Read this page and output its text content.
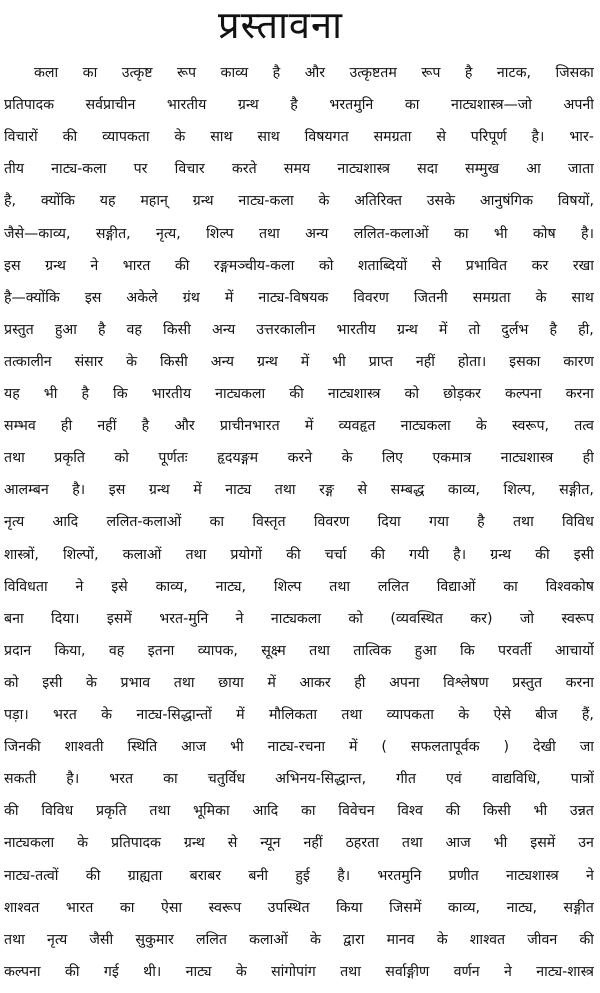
प्रस्तावना
कला का उत्कृष्ट रूप काव्य है और उत्कृष्टतम रूप है नाटक, जिसका
प्रतिपादक सर्वप्राचीन भारतीय ग्रन्थ है भरतमुनि का नाट्यशास्त्र—जो अपनी
विचारों की व्यापकता के साथ साथ विषयगत समग्रता से परिपूर्ण है। भार-
तीय नाट्य-कला पर विचार करते समय नाट्यशास्त्र सदा सम्मुख आ जाता
है, क्योंकि यह महान् ग्रन्थ नाट्य-कला के अतिरिक्त उसके आनुषंगिक विषयों,
जैसे—काव्य, सङ्गीत, नृत्य, शिल्प तथा अन्य ललित-कलाओं का भी कोष है।
इस ग्रन्थ ने भारत की रङ्गमञ्चीय-कला को शताब्दियों से प्रभावित कर रखा
है—क्योंकि इस अकेले ग्रंथ में नाट्य-विषयक विवरण जितनी समग्रता के साथ
प्रस्तुत हुआ है वह किसी अन्य उत्तरकालीन भारतीय ग्रन्थ में तो दुर्लभ है ही,
तत्कालीन संसार के किसी अन्य ग्रन्थ में भी प्राप्त नहीं होता। इसका कारण
यह भी है कि भारतीय नाट्यकला की नाट्यशास्त्र को छोड़कर कल्पना करना
सम्भव ही नहीं है और प्राचीनभारत में व्यवहृत नाट्यकला के स्वरूप, तत्व
तथा प्रकृति को पूर्णतः हृदयङ्गम करने के लिए एकमात्र नाट्यशास्त्र ही
आलम्बन है। इस ग्रन्थ में नाट्य तथा रङ्ग से सम्बद्ध काव्य, शिल्प, सङ्गीत,
नृत्य आदि ललित-कलाओं का विस्तृत विवरण दिया गया है तथा विविध
शास्त्रों, शिल्पों, कलाओं तथा प्रयोगों की चर्चा की गयी है। ग्रन्थ की इसी
विविधता ने इसे काव्य, नाट्य, शिल्प तथा ललित विद्याओं का विश्वकोष
बना दिया। इसमें भरत-मुनि ने नाट्यकला को (व्यवस्थित कर) जो स्वरूप
प्रदान किया, वह इतना व्यापक, सूक्ष्म तथा तात्विक हुआ कि परवर्ती आचार्यो
को इसी के प्रभाव तथा छाया में आकर ही अपना विश्लेषण प्रस्तुत करना
पड़ा। भरत के नाट्य-सिद्धान्तों में मौलिकता तथा व्यापकता के ऐसे बीज हैं,
जिनकी शाश्वती स्थिति आज भी नाट्य-रचना में ( सफलतापूर्वक ) देखी जा
सकती है। भरत का चतुर्विध अभिनय-सिद्धान्त, गीत एवं वाद्यविधि, पात्रों
की विविध प्रकृति तथा भूमिका आदि का विवेचन विश्व की किसी भी उन्नत
नाट्यकला के प्रतिपादक ग्रन्थ से न्यून नहीं ठहरता तथा आज भी इसमें उन
नाट्य-तत्वों की ग्राह्यता बराबर बनी हुई है। भरतमुनि प्रणीत नाट्यशास्त्र ने
शाश्वत भारत का ऐसा स्वरूप उपस्थित किया जिसमें काव्य, नाट्य, सङ्गीत
तथा नृत्य जैसी सुकुमार ललित कलाओं के द्वारा मानव के शाश्वत जीवन की
कल्पना की गई थी। नाट्य के सांगोपांग तथा सर्वाङ्गीण वर्णन ने नाट्य-शास्त्र
